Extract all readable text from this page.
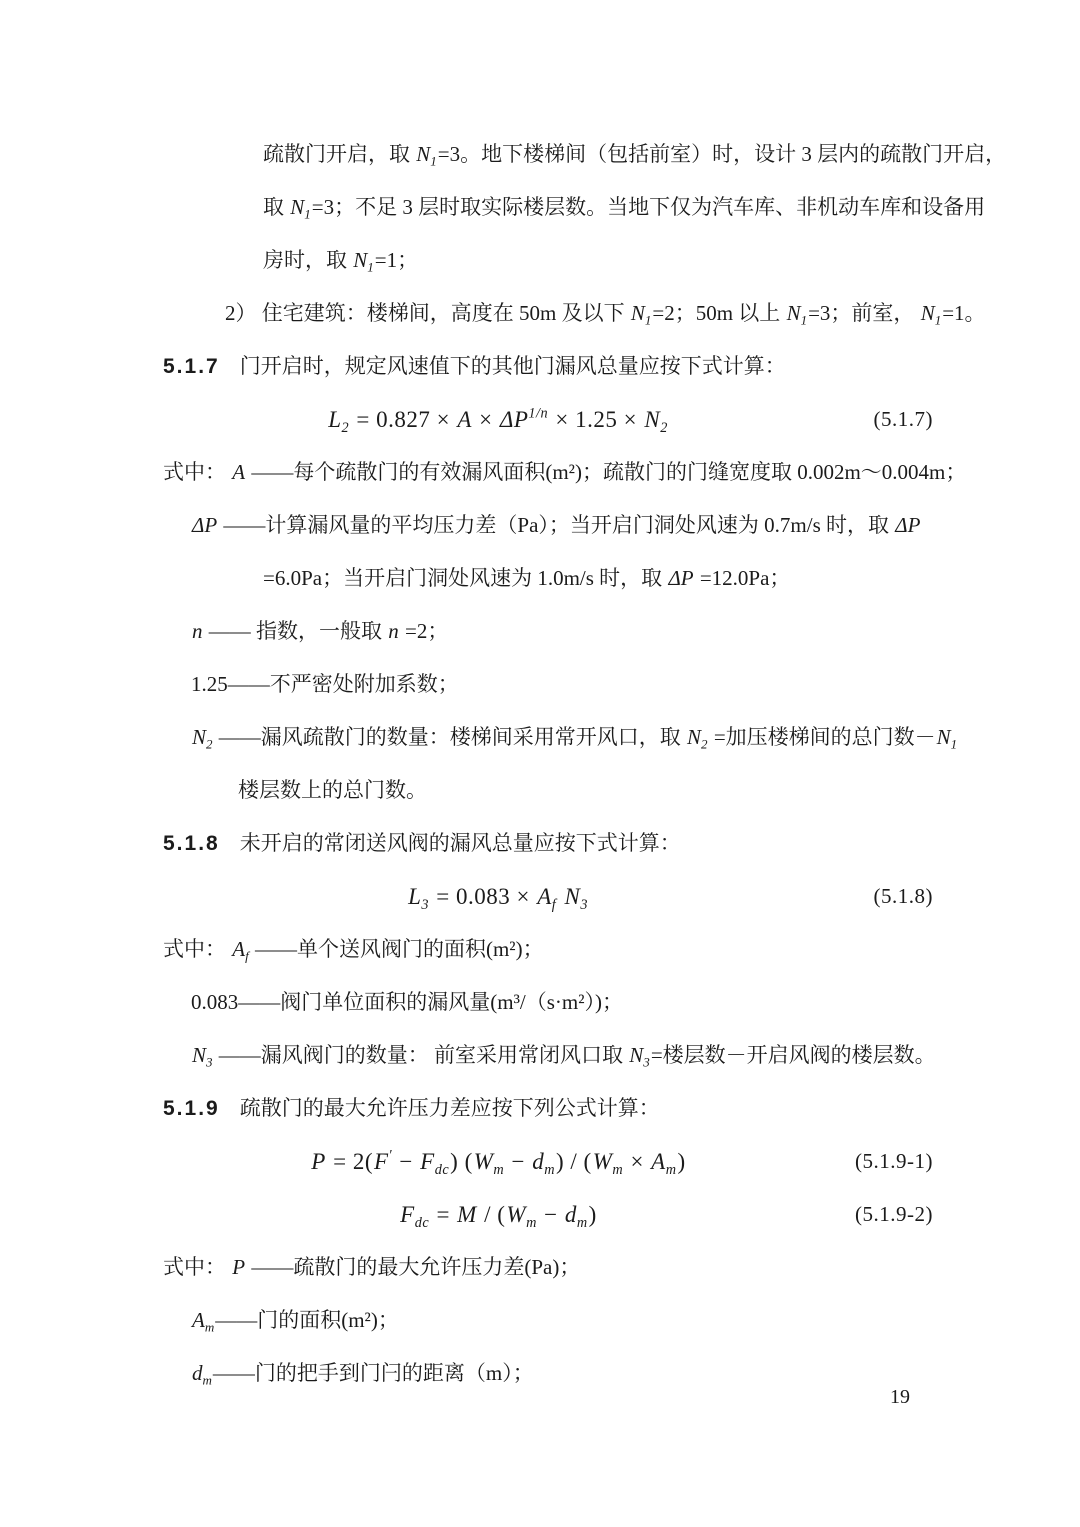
疏散门开启，取 $N_1=3$。地下楼梯间（包括前室）时，设计 3 层内的疏散门开启，
取 $N_1=3$；不足 3 层时取实际楼层数。当地下仅为汽车库、非机动车库和设备用
房时，取 $N_1=1$；
2） 住宅建筑：楼梯间，高度在 50m 及以下 $N_1=2$；50m 以上 $N_1=3$；前室， $N_1=1$。
5.1.7 门开启时，规定风速值下的其他门漏风总量应按下式计算：
$L_2 = 0.827 \times A \times \Delta P^{1/n} \times 1.25 \times N_2$	(5.1.7)
式中： A ——每个疏散门的有效漏风面积(m²)；疏散门的门缝宽度取 0.002m～0.004m；
ΔP ——计算漏风量的平均压力差（Pa）；当开启门洞处风速为 0.7m/s 时，取 ΔP
=6.0Pa；当开启门洞处风速为 1.0m/s 时，取 ΔP =12.0Pa；
n —— 指数，一般取 n =2；
1.25——不严密处附加系数；
$N_2$ ——漏风疏散门的数量：楼梯间采用常开风口，取 $N_2$ =加压楼梯间的总门数$-N_1$
楼层数上的总门数。
5.1.8 未开启的常闭送风阀的漏风总量应按下式计算：
$L_3 = 0.083 \times A_f$ $N_3$	(5.1.8)
式中： $A_f$ ——单个送风阀门的面积(m²)；
0.083——阀门单位面积的漏风量(m³/（s·m²）)；
$N_3$ ——漏风阀门的数量： 前室采用常闭风口取 $N_3=$楼层数－开启风阀的楼层数。
5.1.9 疏散门的最大允许压力差应按下列公式计算：
$P = 2(F' - F_{dc})$ $(W_m - d_m) / (W_m \times A_m)$	(5.1.9-1)
$F_{dc} = M / (W_m - d_m)$	(5.1.9-2)
式中： P ——疏散门的最大允许压力差(Pa)；
$A_m——$门的面积(m²)；
$d_m——$门的把手到门闩的距离（m）；
19
